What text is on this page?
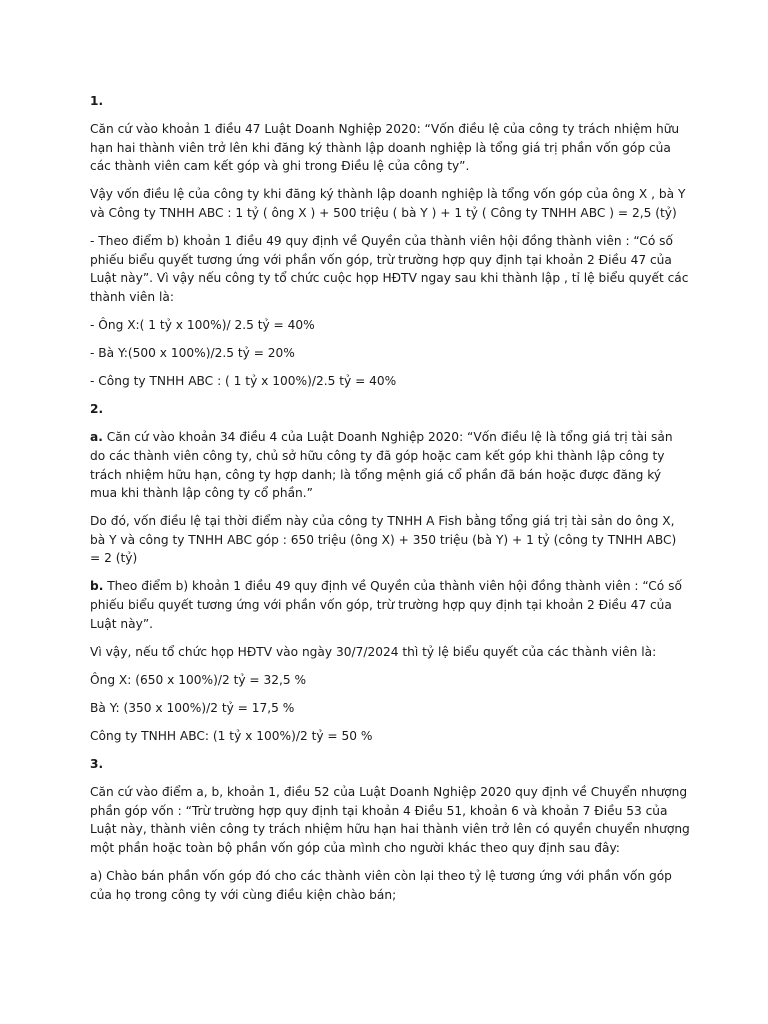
1.

Căn cứ vào khoản 1 điều 47 Luật Doanh Nghiệp 2020: “Vốn điều lệ của công ty trách nhiệm hữu hạn hai thành viên trở lên khi đăng ký thành lập doanh nghiệp là tổng giá trị phần vốn góp của các thành viên cam kết góp và ghi trong Điều lệ của công ty”.

Vậy vốn điều lệ của công ty khi đăng ký thành lập doanh nghiệp là tổng vốn góp của ông X , bà Y và Công ty TNHH ABC : 1 tỷ ( ông X ) + 500 triệu ( bà Y ) + 1 tỷ ( Công ty TNHH ABC ) = 2,5 (tỷ)

- Theo điểm b) khoản 1 điều 49 quy định về Quyền của thành viên hội đồng thành viên : “Có số phiếu biểu quyết tương ứng với phần vốn góp, trừ trường hợp quy định tại khoản 2 Điều 47 của Luật này”. Vì vậy nếu công ty tổ chức cuộc họp HĐTV ngay sau khi thành lập , tỉ lệ biểu quyết các thành viên là:

- Ông X:( 1 tỷ x 100%)/ 2.5 tỷ = 40%

- Bà Y:(500 x 100%)/2.5 tỷ = 20%

- Công ty TNHH ABC : ( 1 tỷ x 100%)/2.5 tỷ = 40%

2.

a. Căn cứ vào khoản 34 điều 4 của Luật Doanh Nghiệp 2020: “Vốn điều lệ là tổng giá trị tài sản do các thành viên công ty, chủ sở hữu công ty đã góp hoặc cam kết góp khi thành lập công ty trách nhiệm hữu hạn, công ty hợp danh; là tổng mệnh giá cổ phần đã bán hoặc được đăng ký mua khi thành lập công ty cổ phần.”

Do đó, vốn điều lệ tại thời điểm này của công ty TNHH A Fish bằng tổng giá trị tài sản do ông X, bà Y và công ty TNHH ABC góp : 650 triệu (ông X) + 350 triệu (bà Y) + 1 tỷ (công ty TNHH ABC) = 2 (tỷ)

b. Theo điểm b) khoản 1 điều 49 quy định về Quyền của thành viên hội đồng thành viên : “Có số phiếu biểu quyết tương ứng với phần vốn góp, trừ trường hợp quy định tại khoản 2 Điều 47 của Luật này”.

Vì vậy, nếu tổ chức họp HĐTV vào ngày 30/7/2024 thì tỷ lệ biểu quyết của các thành viên là:

Ông X: (650 x 100%)/2 tỷ = 32,5 %

Bà Y: (350 x 100%)/2 tỷ = 17,5 %

Công ty TNHH ABC: (1 tỷ x 100%)/2 tỷ = 50 %

3.

Căn cứ vào điểm a, b, khoản 1, điều 52 của Luật Doanh Nghiệp 2020 quy định về Chuyển nhượng phần góp vốn : “Trừ trường hợp quy định tại khoản 4 Điều 51, khoản 6 và khoản 7 Điều 53 của Luật này, thành viên công ty trách nhiệm hữu hạn hai thành viên trở lên có quyền chuyển nhượng một phần hoặc toàn bộ phần vốn góp của mình cho người khác theo quy định sau đây:

a) Chào bán phần vốn góp đó cho các thành viên còn lại theo tỷ lệ tương ứng với phần vốn góp của họ trong công ty với cùng điều kiện chào bán;
